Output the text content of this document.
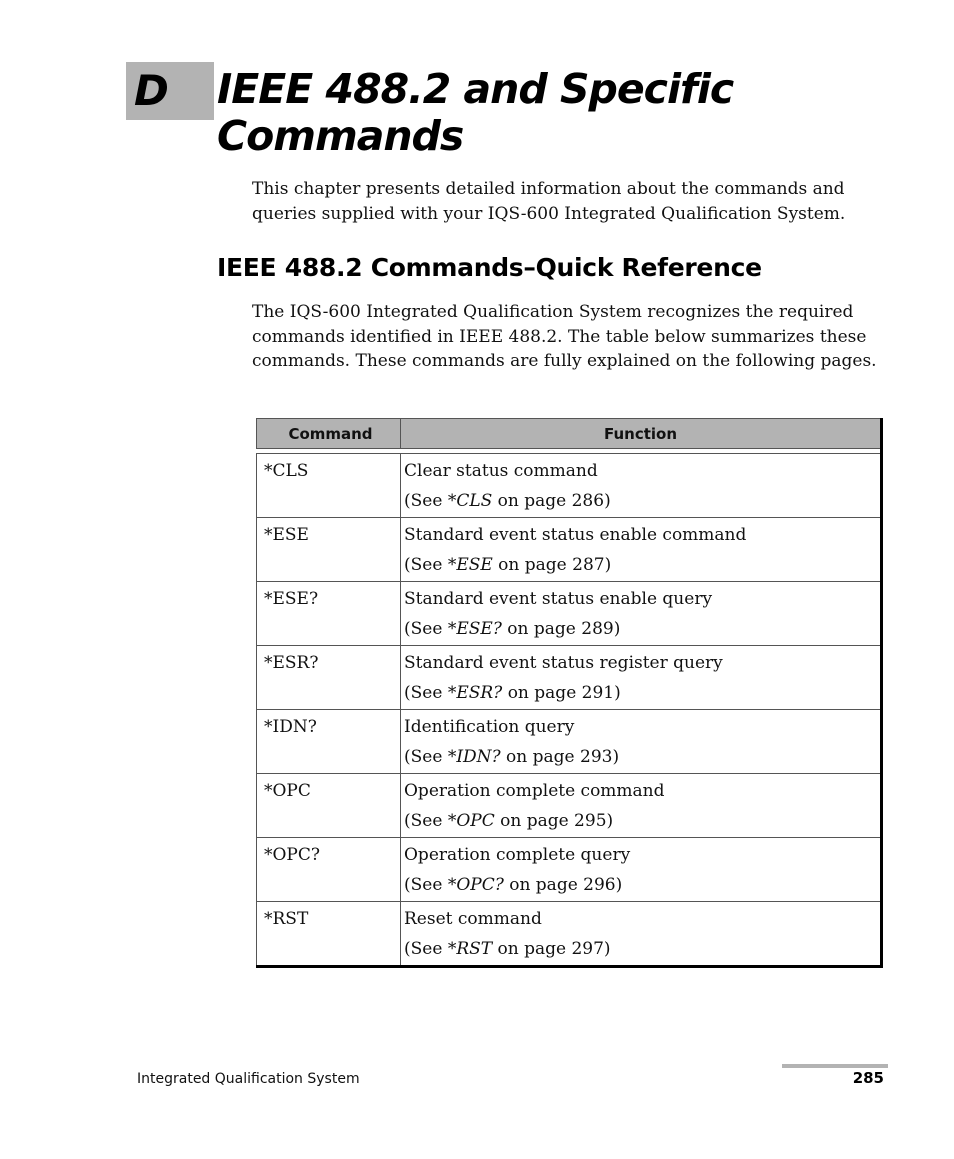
D IEEE 488.2 and Specific Commands

This chapter presents detailed information about the commands and queries supplied with your IQS-600 Integrated Qualification System.

IEEE 488.2 Commands–Quick Reference

The IQS-600 Integrated Qualification System recognizes the required commands identified in IEEE 488.2. The table below summarizes these commands. These commands are fully explained on the following pages.

Command	Function

*CLS	Clear status command
(See *CLS on page 286)

*ESE	Standard event status enable command
(See *ESE on page 287)

*ESE?	Standard event status enable query
(See *ESE? on page 289)

*ESR?	Standard event status register query
(See *ESR? on page 291)

*IDN?	Identification query
(See *IDN? on page 293)

*OPC	Operation complete command
(See *OPC on page 295)

*OPC?	Operation complete query
(See *OPC? on page 296)

*RST	Reset command
(See *RST on page 297)
Integrated Qualification System	285
